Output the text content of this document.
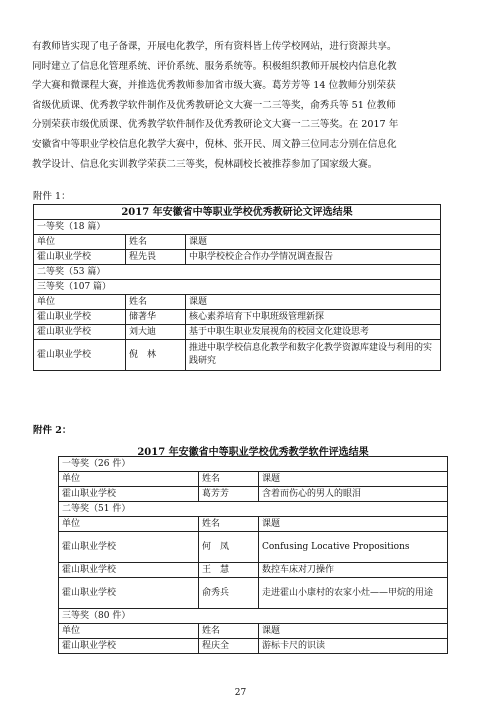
有教师皆实现了电子备课，开展电化教学，所有资料皆上传学校网站，进行资源共享。
同时建立了信息化管理系统、评价系统、服务系统等。积极组织教师开展校内信息化教
学大赛和微课程大赛，并推选优秀教师参加省市级大赛。葛芳芳等 14 位教师分别荣获
省级优质课、优秀教学软件制作及优秀教研论文大赛一二三等奖，俞秀兵等 51 位教师
分别荣获市级优质课、优秀教学软件制作及优秀教研论文大赛一二三等奖。在 2017 年
安徽省中等职业学校信息化教学大赛中，倪林、张开民、周文静三位同志分别在信息化
教学设计、信息化实训教学荣获二三等奖，倪林副校长被推荐参加了国家级大赛。
附件 1：
2017 年安徽省中等职业学校优秀教研论文评选结果		
一等奖（18 篇）		
单位	姓名	课题
霍山职业学校	程先畏	中职学校校企合作办学情况调查报告
二等奖（53 篇）		
三等奖（107 篇）		
单位	姓名	课题
霍山职业学校	储著华	核心素养培育下中职班级管理新探
霍山职业学校	刘大迪	基于中职生职业发展视角的校园文化建设思考
霍山职业学校	倪　林	推进中职学校信息化教学和数字化教学资源库建设与利用的实践研究
附件 2：
2017 年安徽省中等职业学校优秀教学软件评选结果
一等奖（26 件）		
单位	姓名	课题
霍山职业学校	葛芳芳	含着而伤心的男人的眼泪
二等奖（51 件）		
单位	姓名	课题
霍山职业学校	何　凤	Confusing Locative Propositions
霍山职业学校	王　慧	数控车床对刀操作
霍山职业学校	俞秀兵	走进霍山小康村的农家小灶——甲烷的用途
三等奖（80 件）		
单位	姓名	课题
霍山职业学校	程庆全	游标卡尺的识读
27
